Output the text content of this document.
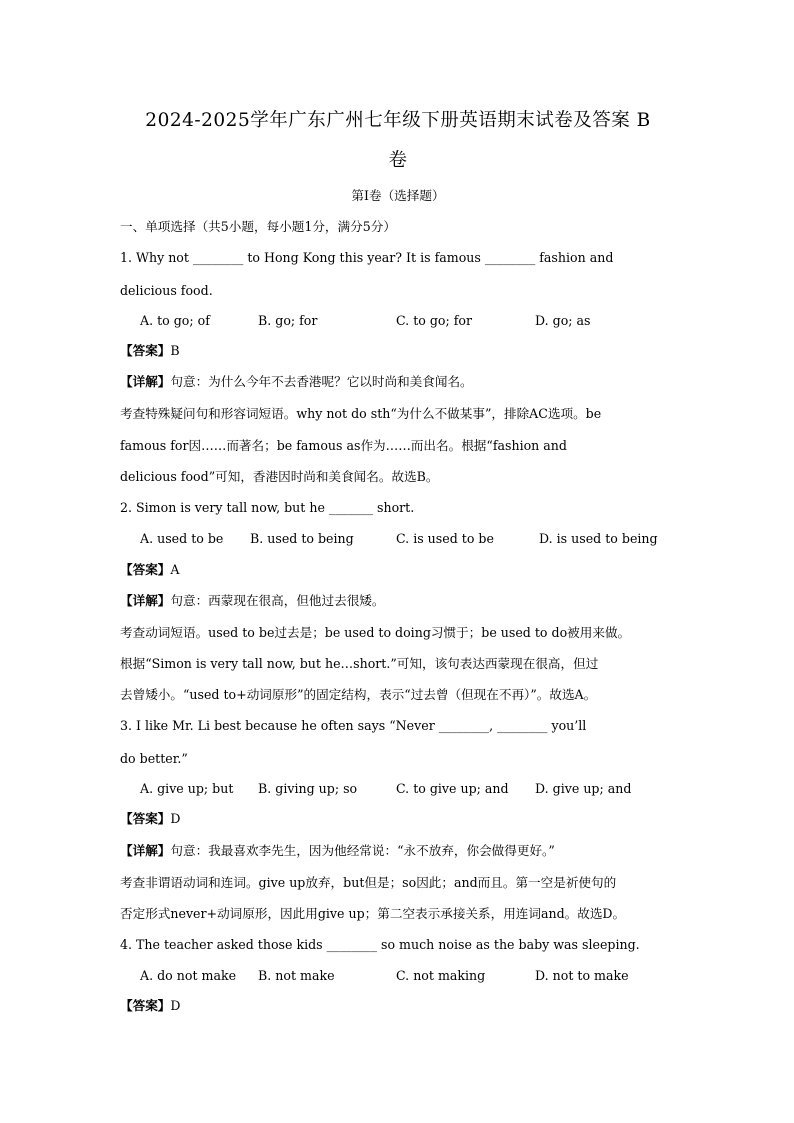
2024-2025学年广东广州七年级下册英语期末试卷及答案 B
卷
第Ⅰ卷（选择题）
一、单项选择（共5小题，每小题1分，满分5分）
1. Why not ________ to Hong Kong this year? It is famous ________ fashion and
delicious food.
A. to go; of	B. go; for	C. to go; for	D. go; as
【答案】B
【详解】句意：为什么今年不去香港呢？它以时尚和美食闻名。
考查特殊疑问句和形容词短语。why not do sth“为什么不做某事”，排除AC选项。be
famous for因……而著名；be famous as作为……而出名。根据“fashion and
delicious food”可知，香港因时尚和美食闻名。故选B。
2. Simon is very tall now, but he _______ short.
A. used to be B. used to being	C. is used to be	D. is used to being
【答案】A
【详解】句意：西蒙现在很高，但他过去很矮。
考查动词短语。used to be过去是；be used to doing习惯于；be used to do被用来做。
根据“Simon is very tall now, but he…short.”可知，该句表达西蒙现在很高，但过
去曾矮小。“used to+动词原形”的固定结构，表示“过去曾（但现在不再）”。故选A。
3. I like Mr. Li best because he often says “Never ________, ________ you’ll
do better.”
A. give up; but B. giving up; so	C. to give up; and D. give up; and
【答案】D
【详解】句意：我最喜欢李先生，因为他经常说：“永不放弃，你会做得更好。”
考查非谓语动词和连词。give up放弃，but但是；so因此；and而且。第一空是祈使句的
否定形式never+动词原形，因此用give up；第二空表示承接关系，用连词and。故选D。
4. The teacher asked those kids ________ so much noise as the baby was sleeping.
A. do not make B. not make	C. not making	D. not to make
【答案】D
